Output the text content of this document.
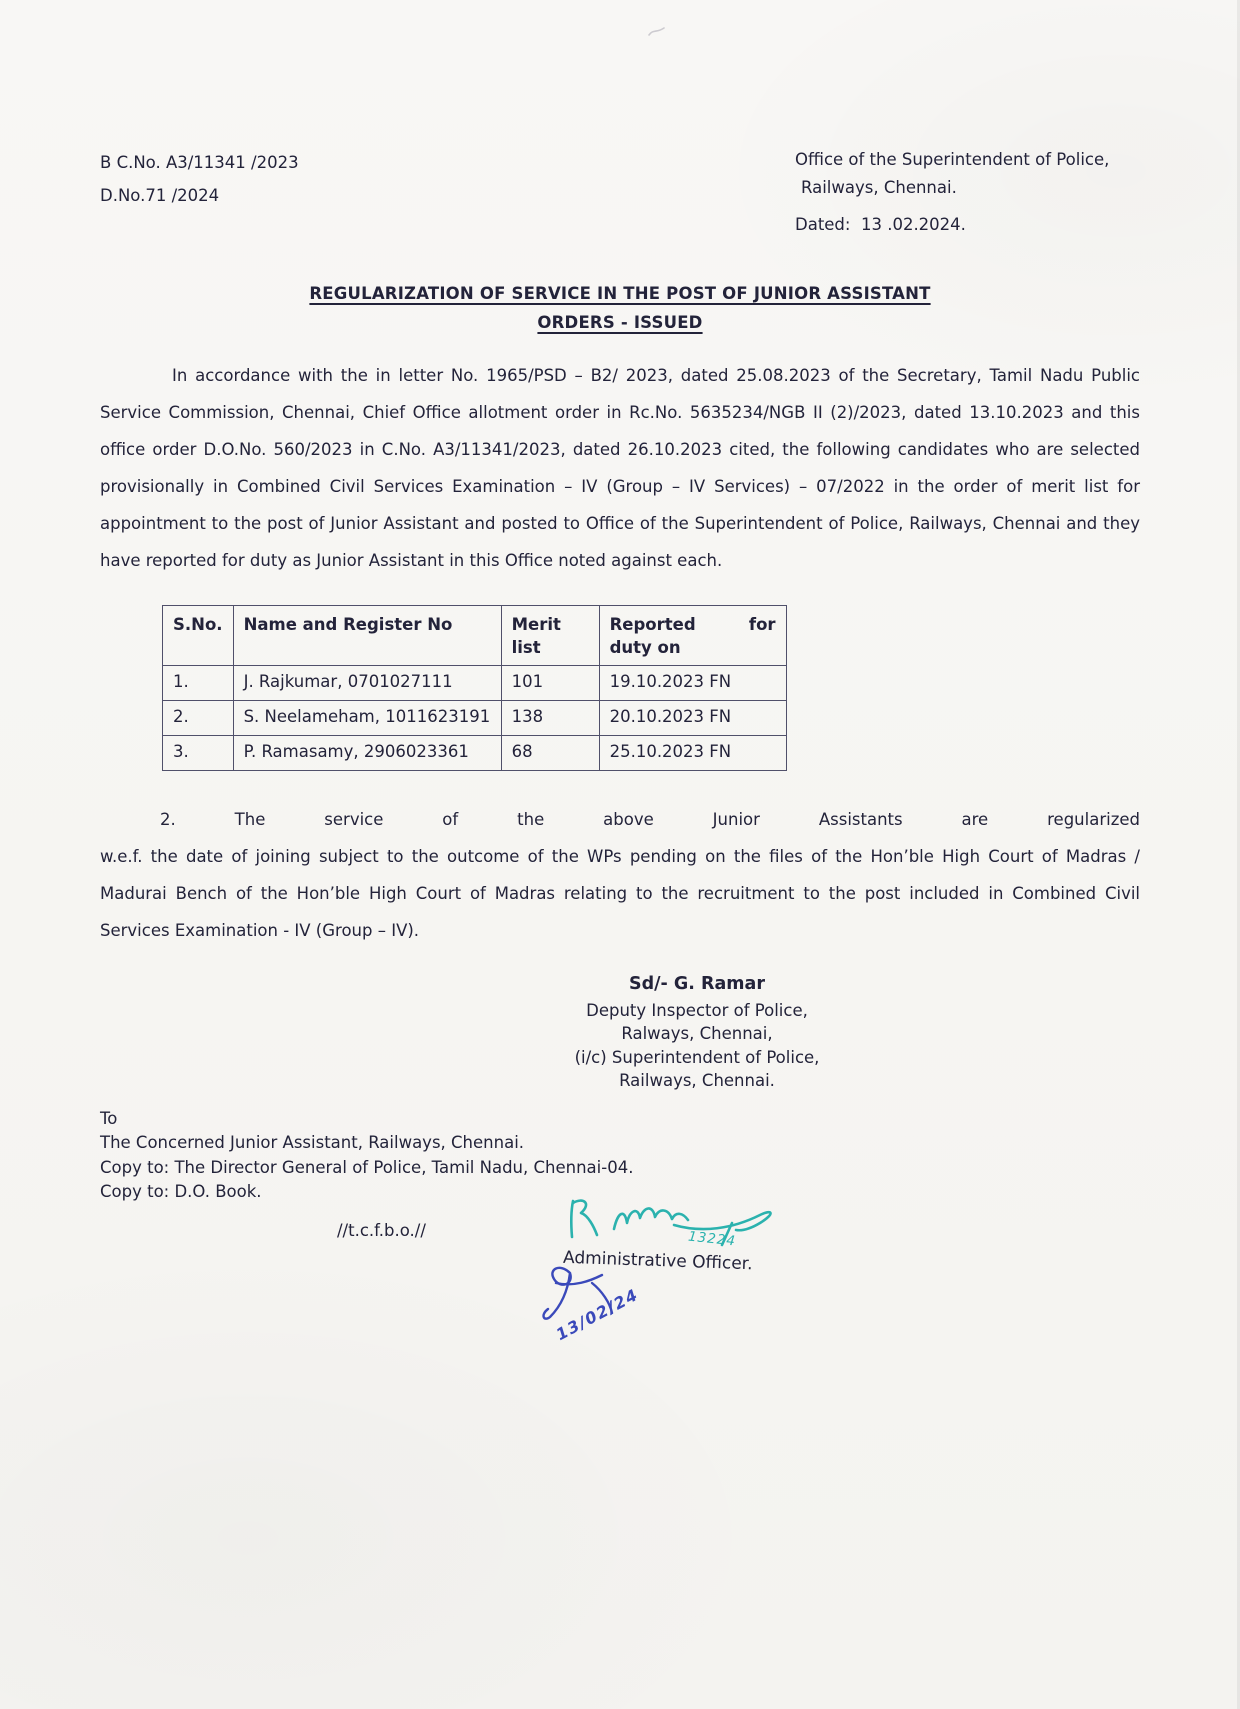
B C.No. A3/11341 /2023
D.No.71 /2024
Office of the Superintendent of Police,
Railways, Chennai.
Dated:  13 .02.2024.
REGULARIZATION OF SERVICE IN THE POST OF JUNIOR ASSISTANT
ORDERS - ISSUED
In accordance with the in letter No. 1965/PSD – B2/ 2023, dated 25.08.2023 of the Secretary, Tamil Nadu Public Service Commission, Chennai, Chief Office allotment order in Rc.No. 5635234/NGB II (2)/2023, dated 13.10.2023 and this office order D.O.No. 560/2023 in C.No. A3/11341/2023, dated 26.10.2023 cited, the following candidates who are selected provisionally in Combined Civil Services Examination – IV (Group – IV Services) – 07/2022 in the order of merit list for appointment to the post of Junior Assistant and posted to Office of the Superintendent of Police, Railways, Chennai and they have reported for duty as Junior Assistant in this Office noted against each.
S.No.	Name and Register No	Merit list	Reported for duty on
1.	J. Rajkumar, 0701027111	101	19.10.2023 FN
2.	S. Neelameham, 1011623191	138	20.10.2023 FN
3.	P. Ramasamy, 2906023361	68	25.10.2023 FN
2. The service of the above Junior Assistants are regularized
w.e.f. the date of joining subject to the outcome of the WPs pending on the files of the Hon’ble High Court of Madras / Madurai Bench of the Hon’ble High Court of Madras relating to the recruitment to the post included in Combined Civil Services Examination - IV (Group – IV).
Sd/- G. Ramar
Deputy Inspector of Police,
Ralways, Chennai,
(i/c) Superintendent of Police,
Railways, Chennai.
To
The Concerned Junior Assistant, Railways, Chennai.
Copy to: The Director General of Police, Tamil Nadu, Chennai-04.
Copy to: D.O. Book.
//t.c.f.b.o.//	13224
Administrative Officer.
13/02/24
